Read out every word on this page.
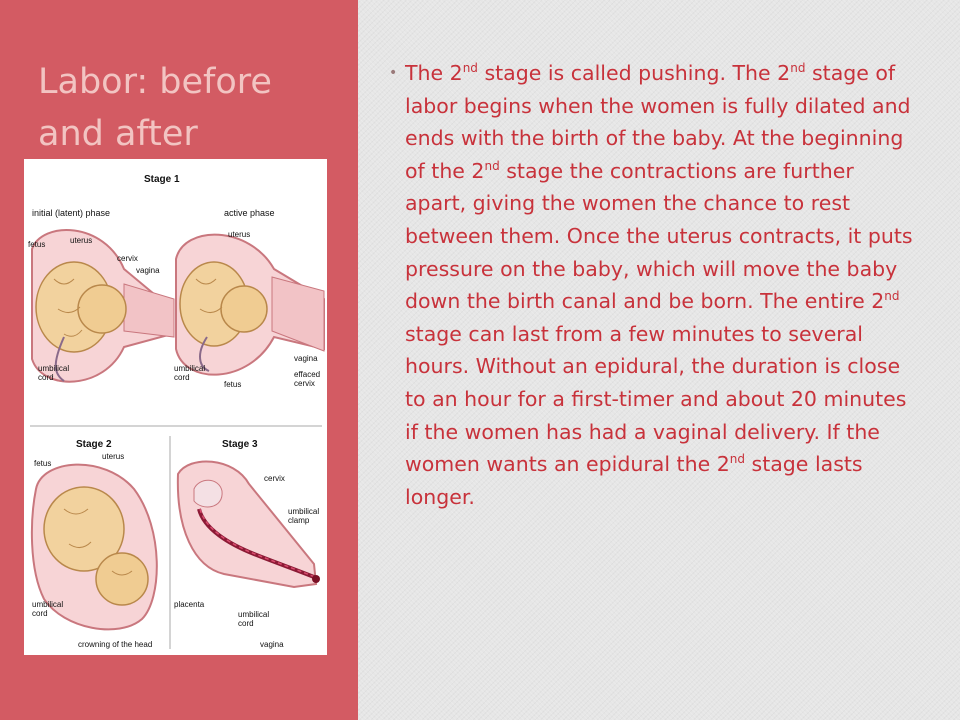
Labor: before and after
Stage 1
initial (latent) phase	active phase
fetus	uterus
cervix
vagina
umbilical
cord
uterus
vagina
effaced
cervix
umbilical
cord
fetus
Stage 2
fetus
uterus
umbilical
cord
crowning of the head
Stage 3
cervix
umbilical
clamp
placenta
umbilical
cord
vagina

• The 2nd stage is called pushing. The 2nd stage of labor begins when the women is fully dilated and ends with the birth of the baby. At the beginning of the 2nd stage the contractions are further apart, giving the women the chance to rest between them. Once the uterus contracts, it puts pressure on the baby, which will move the baby down the birth canal and be born. The entire 2nd stage can last from a few minutes to several hours. Without an epidural, the duration is close to an hour for a first-timer and about 20 minutes if the women has had a vaginal delivery. If the women wants an epidural the 2nd stage lasts longer.
